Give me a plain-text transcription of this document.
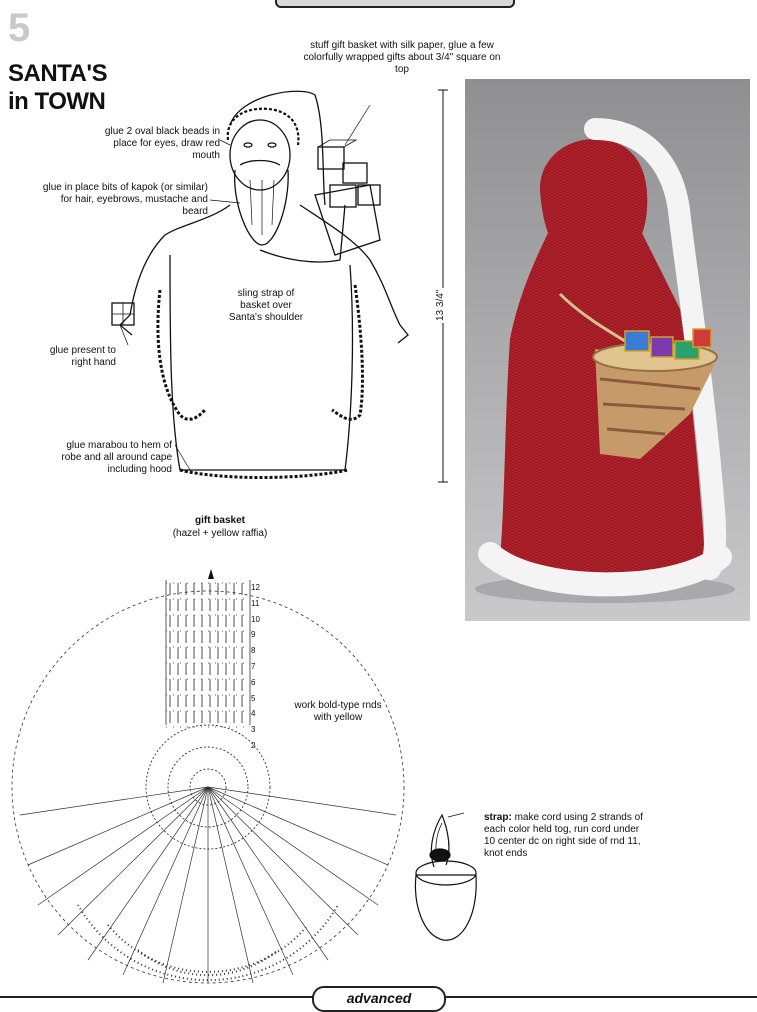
5
SANTA'S
in TOWN
stuff gift basket with silk paper, glue a few colorfully wrapped gifts about 3/4" square on top
glue 2 oval black beads in place for eyes, draw red mouth
glue in place bits of kapok (or similar) for hair, eyebrows, mustache and beard
sling strap of basket over Santa's shoulder
glue present to right hand
glue marabou to hem of robe and all around cape including hood
13 3/4"
gift basket
(hazel + yellow raffia)
12
11
10
9
8
7
6
5
4
3
2
work bold-type rnds with yellow
strap: make cord using 2 strands of each color held tog, run cord under 10 center dc on right side of rnd 11, knot ends
advanced
